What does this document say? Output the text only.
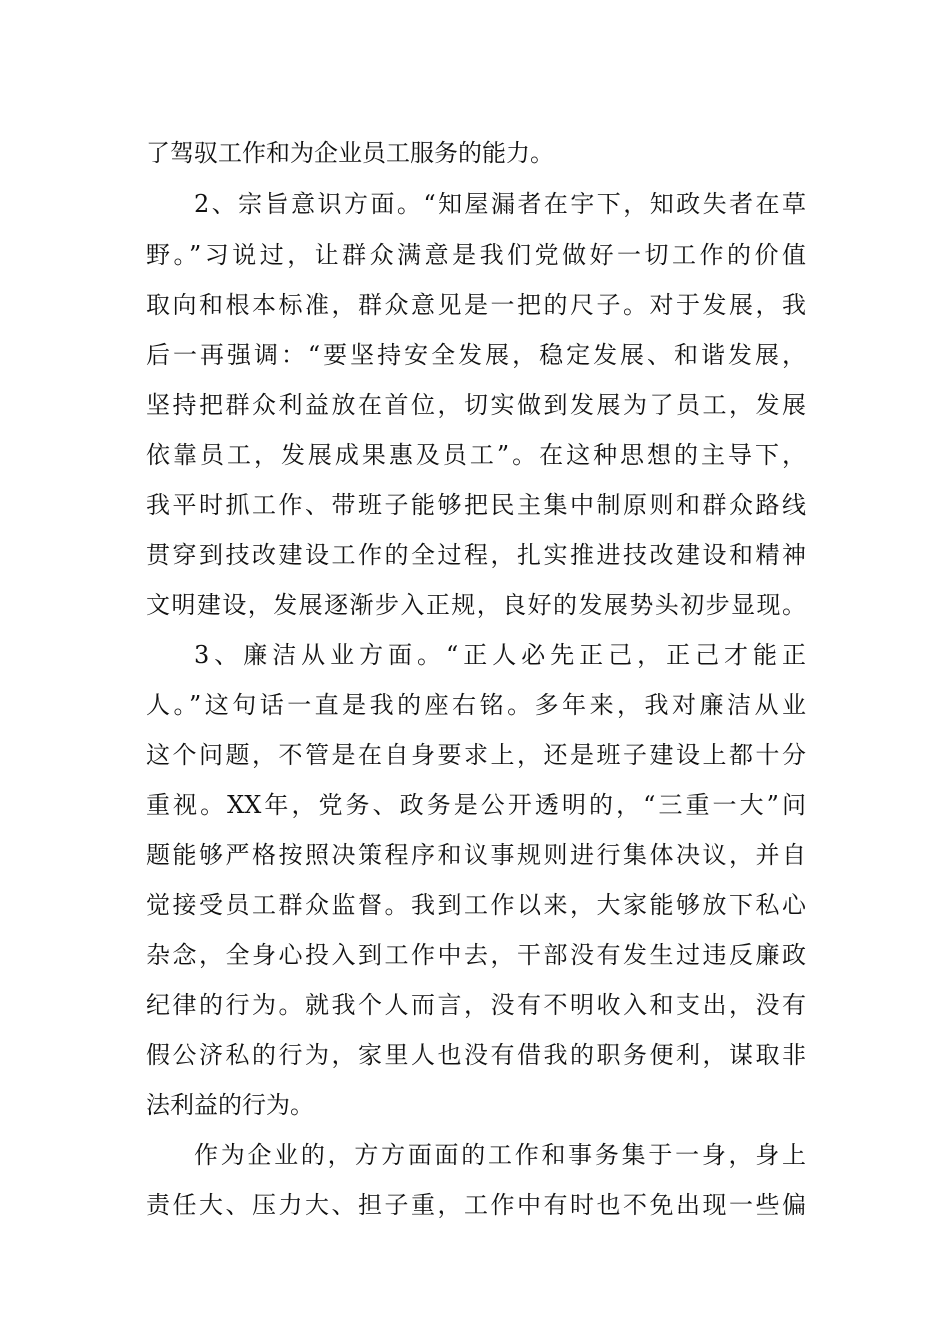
了驾驭工作和为企业员工服务的能力。
2、宗旨意识方面。“知屋漏者在宇下，知政失者在草
野。”习说过，让群众满意是我们党做好一切工作的价值
取向和根本标准，群众意见是一把的尺子。对于发展，我
后一再强调：“要坚持安全发展，稳定发展、和谐发展，
坚持把群众利益放在首位，切实做到发展为了员工，发展
依靠员工，发展成果惠及员工”。在这种思想的主导下，
我平时抓工作、带班子能够把民主集中制原则和群众路线
贯穿到技改建设工作的全过程，扎实推进技改建设和精神
文明建设，发展逐渐步入正规，良好的发展势头初步显现。
3、廉洁从业方面。“正人必先正己，正己才能正
人。”这句话一直是我的座右铭。多年来，我对廉洁从业
这个问题，不管是在自身要求上，还是班子建设上都十分
重视。XX年，党务、政务是公开透明的，“三重一大”问
题能够严格按照决策程序和议事规则进行集体决议，并自
觉接受员工群众监督。我到工作以来，大家能够放下私心
杂念，全身心投入到工作中去，干部没有发生过违反廉政
纪律的行为。就我个人而言，没有不明收入和支出，没有
假公济私的行为，家里人也没有借我的职务便利，谋取非
法利益的行为。
作为企业的，方方面面的工作和事务集于一身，身上
责任大、压力大、担子重，工作中有时也不免出现一些偏
